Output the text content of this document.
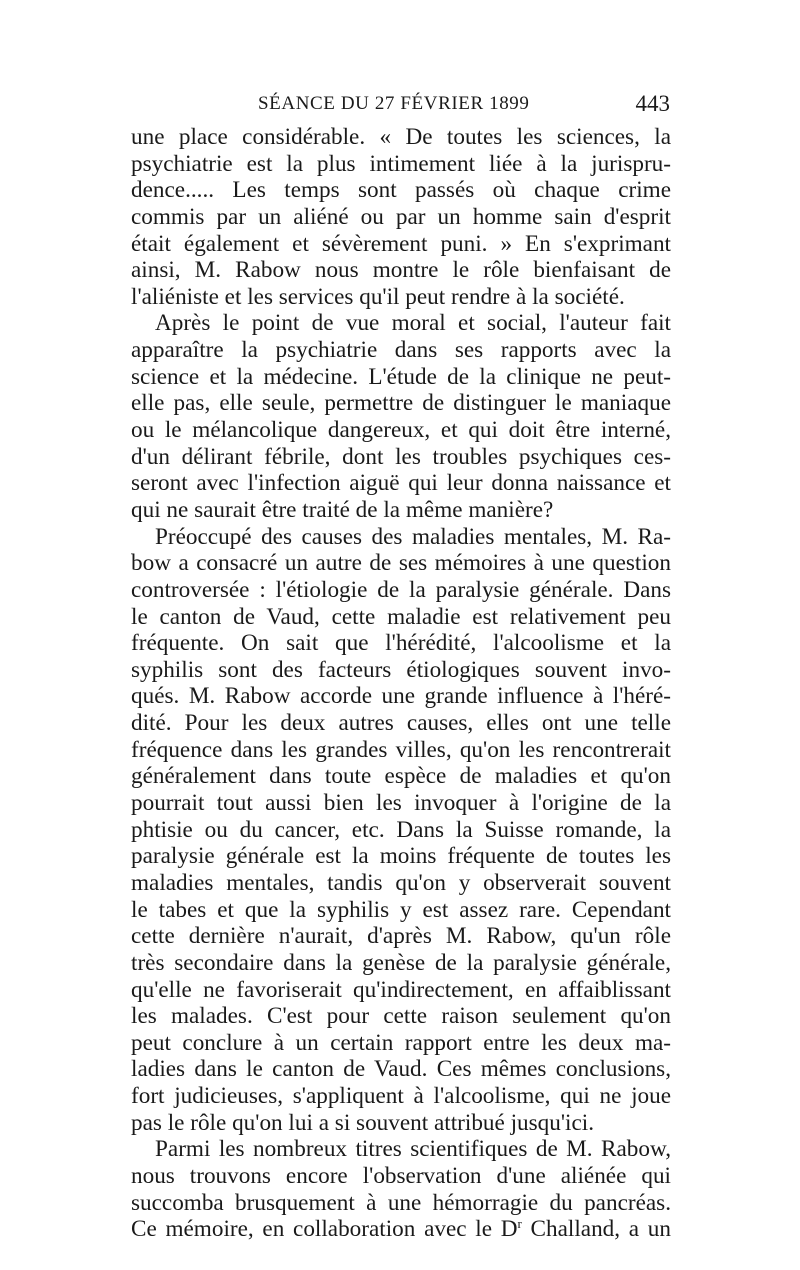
SÉANCE DU 27 FÉVRIER 1899	443
une place considérable. « De toutes les sciences, la
psychiatrie est la plus intimement liée à la jurispru-
dence..... Les temps sont passés où chaque crime
commis par un aliéné ou par un homme sain d'esprit
était également et sévèrement puni. » En s'exprimant
ainsi, M. Rabow nous montre le rôle bienfaisant de
l'aliéniste et les services qu'il peut rendre à la société.
Après le point de vue moral et social, l'auteur fait
apparaître la psychiatrie dans ses rapports avec la
science et la médecine. L'étude de la clinique ne peut-
elle pas, elle seule, permettre de distinguer le maniaque
ou le mélancolique dangereux, et qui doit être interné,
d'un délirant fébrile, dont les troubles psychiques ces-
seront avec l'infection aiguë qui leur donna naissance et
qui ne saurait être traité de la même manière?
Préoccupé des causes des maladies mentales, M. Ra-
bow a consacré un autre de ses mémoires à une question
controversée : l'étiologie de la paralysie générale. Dans
le canton de Vaud, cette maladie est relativement peu
fréquente. On sait que l'hérédité, l'alcoolisme et la
syphilis sont des facteurs étiologiques souvent invo-
qués. M. Rabow accorde une grande influence à l'héré-
dité. Pour les deux autres causes, elles ont une telle
fréquence dans les grandes villes, qu'on les rencontrerait
généralement dans toute espèce de maladies et qu'on
pourrait tout aussi bien les invoquer à l'origine de la
phtisie ou du cancer, etc. Dans la Suisse romande, la
paralysie générale est la moins fréquente de toutes les
maladies mentales, tandis qu'on y observerait souvent
le tabes et que la syphilis y est assez rare. Cependant
cette dernière n'aurait, d'après M. Rabow, qu'un rôle
très secondaire dans la genèse de la paralysie générale,
qu'elle ne favoriserait qu'indirectement, en affaiblissant
les malades. C'est pour cette raison seulement qu'on
peut conclure à un certain rapport entre les deux ma-
ladies dans le canton de Vaud. Ces mêmes conclusions,
fort judicieuses, s'appliquent à l'alcoolisme, qui ne joue
pas le rôle qu'on lui a si souvent attribué jusqu'ici.
Parmi les nombreux titres scientifiques de M. Rabow,
nous trouvons encore l'observation d'une aliénée qui
succomba brusquement à une hémorragie du pancréas.
Ce mémoire, en collaboration avec le $D^r$ Challand, a un
